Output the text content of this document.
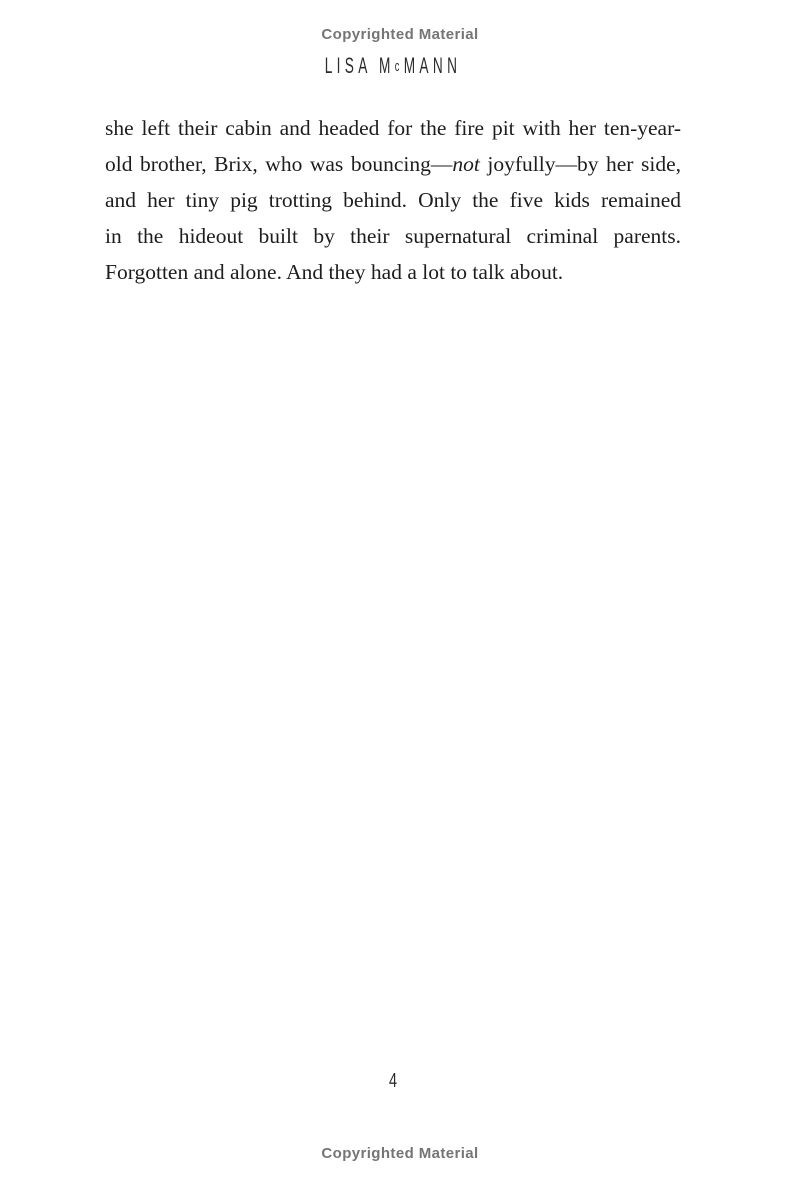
Copyrighted Material
LISA McMANN
she left their cabin and headed for the fire pit with her ten-year-
old brother, Brix, who was bouncing—not joyfully—by her side,
and her tiny pig trotting behind. Only the five kids remained
in the hideout built by their supernatural criminal parents.
Forgotten and alone. And they had a lot to talk about.
4
Copyrighted Material
